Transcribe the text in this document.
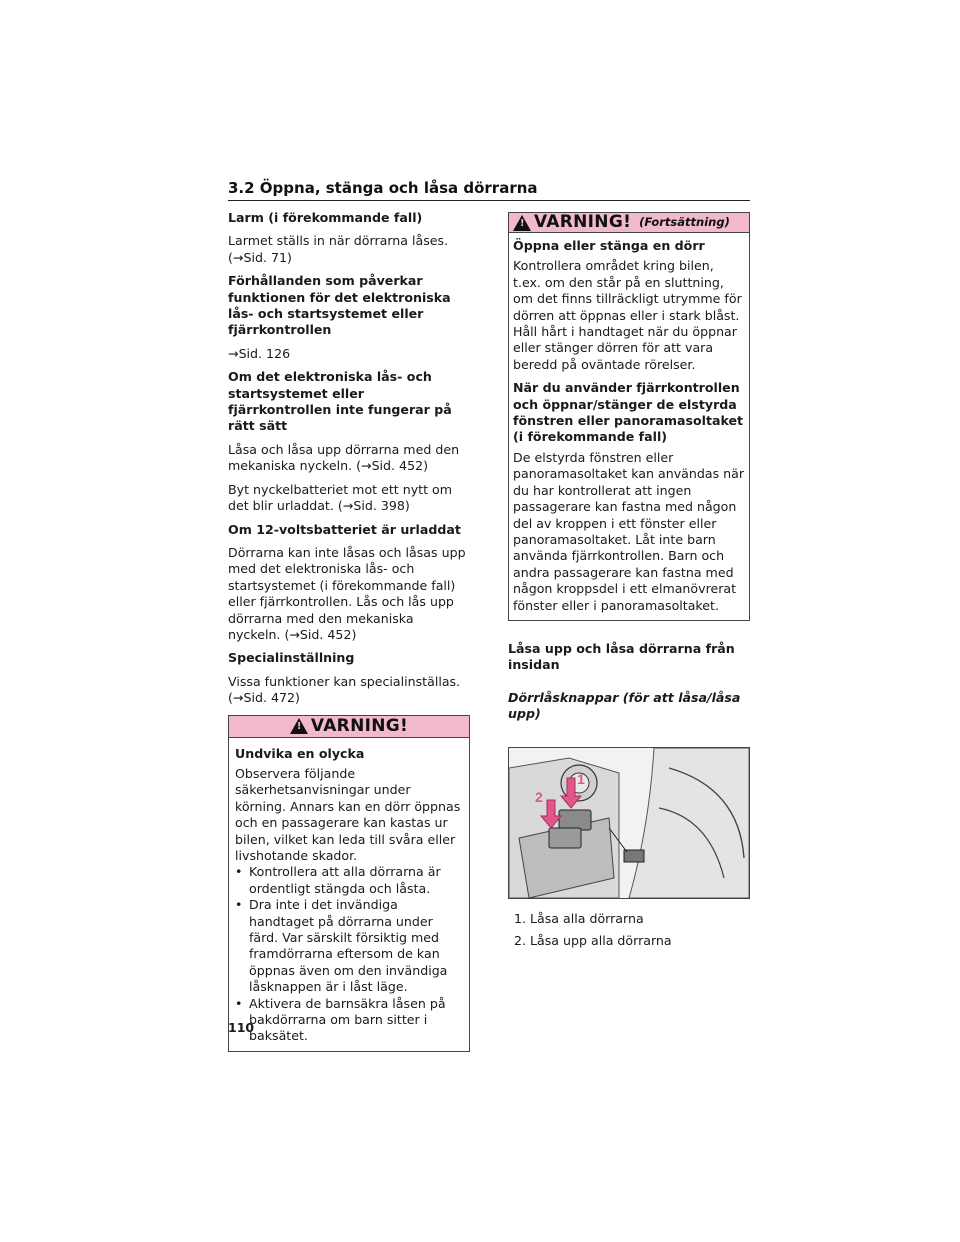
3.2 Öppna, stänga och låsa dörrarna
Larm (i förekommande fall)
Larmet ställs in när dörrarna låses.
(→Sid. 71)
Förhållanden som påverkar funktionen för det elektroniska lås- och startsystemet eller fjärrkontrollen
→Sid. 126
Om det elektroniska lås- och startsystemet eller fjärrkontrollen inte fungerar på rätt sätt
Låsa och låsa upp dörrarna med den mekaniska nyckeln. (→Sid. 452)
Byt nyckelbatteriet mot ett nytt om det blir urladdat. (→Sid. 398)
Om 12-voltsbatteriet är urladdat
Dörrarna kan inte låsas och låsas upp med det elektroniska lås- och startsystemet (i förekommande fall) eller fjärrkontrollen. Lås och lås upp dörrarna med den mekaniska nyckeln. (→Sid. 452)
Specialinställning
Vissa funktioner kan specialinställas.
(→Sid. 472)
!
VARNING!
Undvika en olycka
Observera följande säkerhetsanvisningar under körning. Annars kan en dörr öppnas och en passagerare kan kastas ur bilen, vilket kan leda till svåra eller livshotande skador.
• Kontrollera att alla dörrarna är ordentligt stängda och låsta.
• Dra inte i det invändiga handtaget på dörrarna under färd. Var särskilt försiktig med framdörrarna eftersom de kan öppnas även om den invändiga låsknappen är i låst läge.
• Aktivera de barnsäkra låsen på bakdörrarna om barn sitter i baksätet.
!
VARNING! (Fortsättning)
Öppna eller stänga en dörr
Kontrollera området kring bilen, t.ex. om den står på en sluttning, om det finns tillräckligt utrymme för dörren att öppnas eller i stark blåst. Håll hårt i handtaget när du öppnar eller stänger dörren för att vara beredd på oväntade rörelser.
När du använder fjärrkontrollen och öppnar/stänger de elstyrda fönstren eller panoramasoltaket (i förekommande fall)
De elstyrda fönstren eller panoramasoltaket kan användas när du har kontrollerat att ingen passagerare kan fastna med någon del av kroppen i ett fönster eller panoramasoltaket. Låt inte barn använda fjärrkontrollen. Barn och andra passagerare kan fastna med någon kroppsdel i ett elmanövrerat fönster eller i panoramasoltaket.
Låsa upp och låsa dörrarna från insidan
Dörrlåsknappar (för att låsa/låsa upp)
1
2
1. Låsa alla dörrarna
2. Låsa upp alla dörrarna
110
